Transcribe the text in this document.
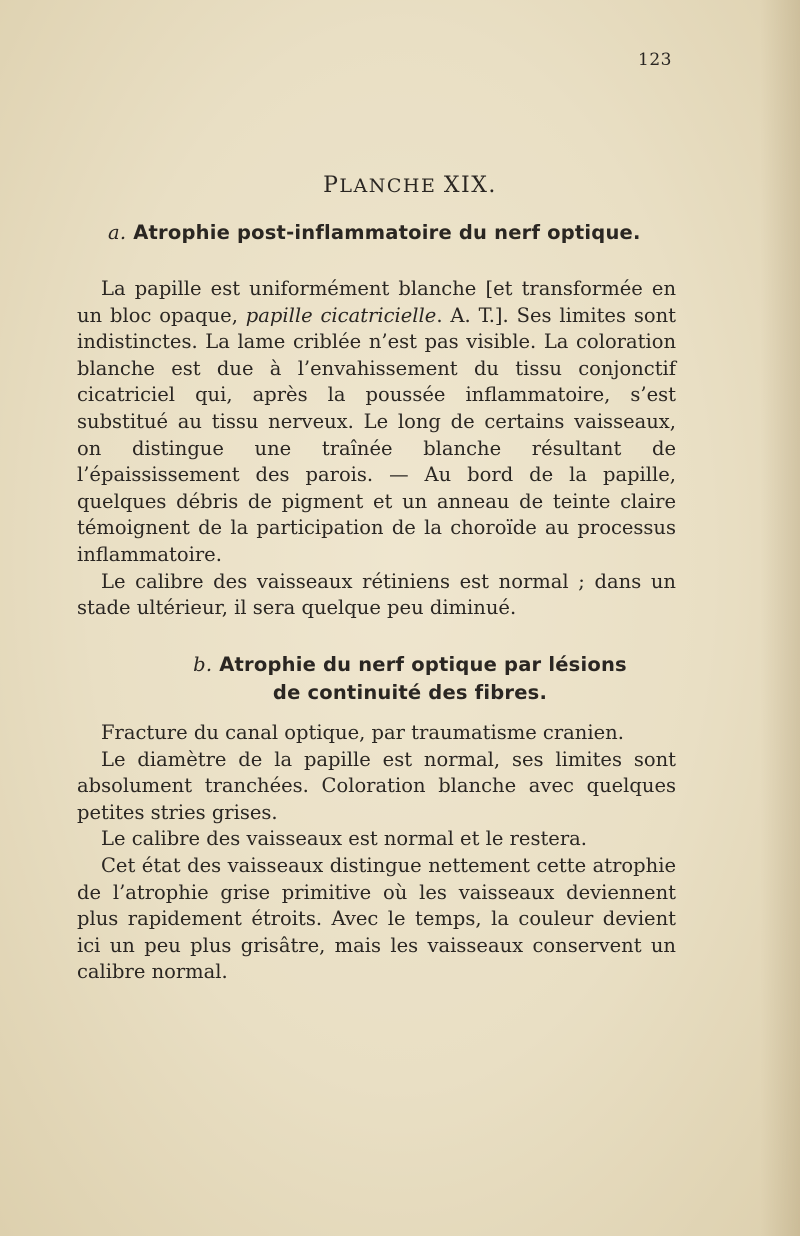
123
PLANCHE XIX.
a. Atrophie post-inflammatoire du nerf optique.

La papille est uniformément blanche [et transformée en un bloc opaque, papille cicatricielle. A. T.]. Ses limites sont indistinctes. La lame criblée n’est pas visible. La coloration blanche est due à l’envahissement du tissu conjonctif cicatriciel qui, après la poussée inflammatoire, s’est substitué au tissu nerveux. Le long de certains vaisseaux, on distingue une traînée blanche résultant de l’épaississement des parois. — Au bord de la papille, quelques débris de pigment et un anneau de teinte claire témoignent de la participation de la choroïde au processus inflammatoire.

Le calibre des vaisseaux rétiniens est normal ; dans un stade ultérieur, il sera quelque peu diminué.

b. Atrophie du nerf optique par lésions
de continuité des fibres.

Fracture du canal optique, par traumatisme cranien.

Le diamètre de la papille est normal, ses limites sont absolument tranchées. Coloration blanche avec quelques petites stries grises.

Le calibre des vaisseaux est normal et le restera.

Cet état des vaisseaux distingue nettement cette atrophie de l’atrophie grise primitive où les vaisseaux deviennent plus rapidement étroits. Avec le temps, la couleur devient ici un peu plus grisâtre, mais les vaisseaux conservent un calibre normal.
